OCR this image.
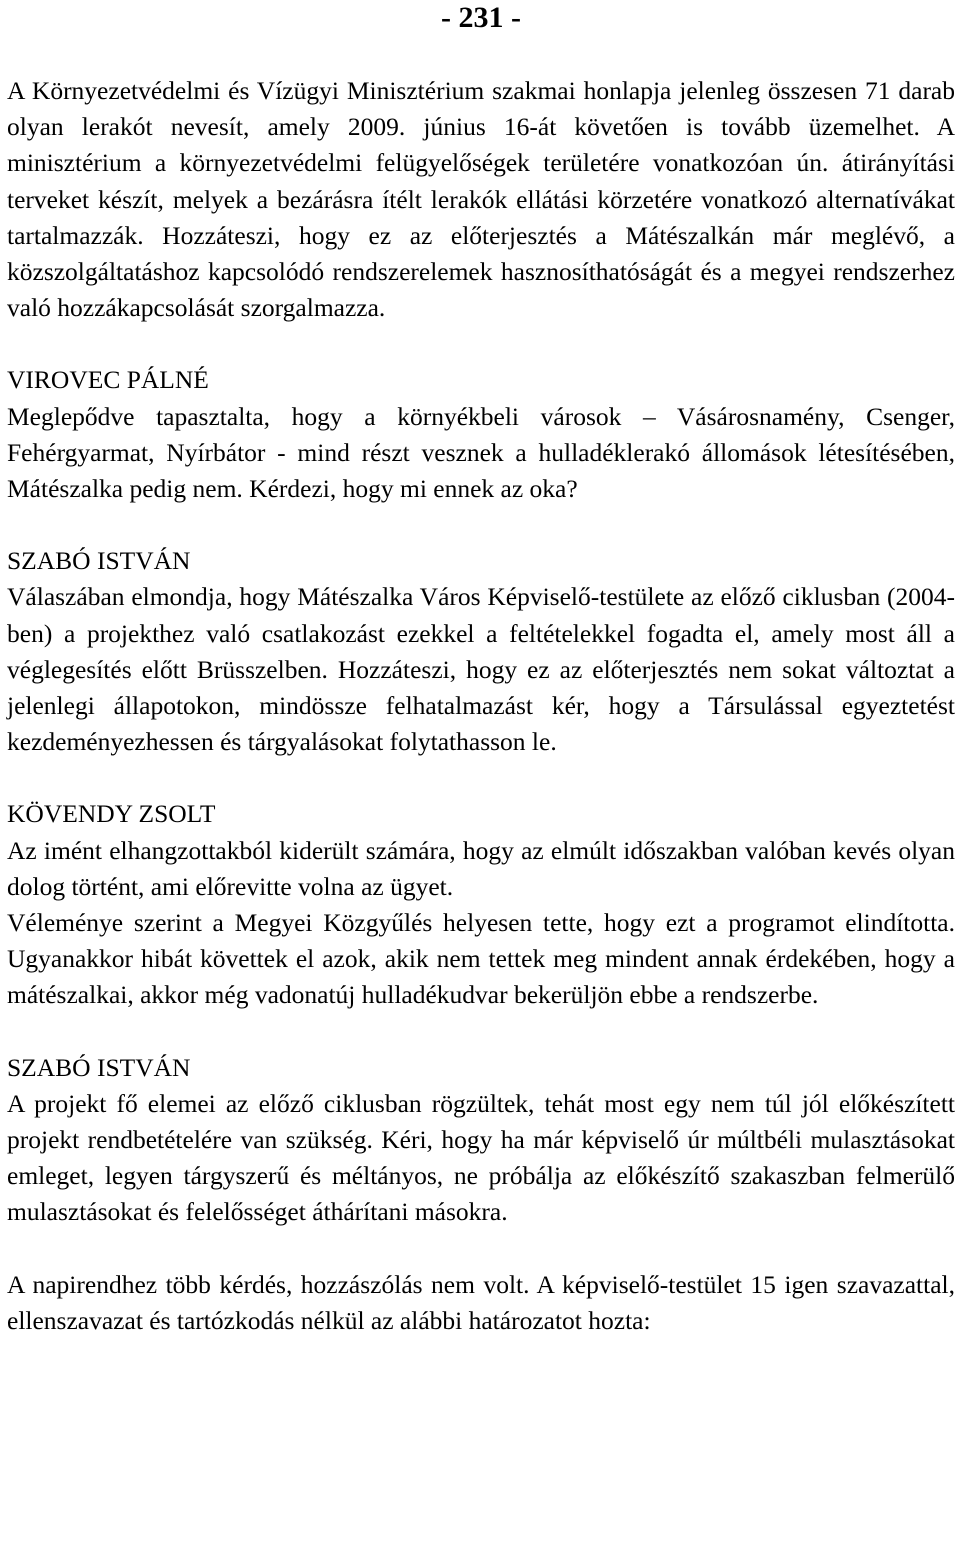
- 231 -

A Környezetvédelmi és Vízügyi Minisztérium szakmai honlapja jelenleg összesen 71 darab olyan lerakót nevesít, amely 2009. június 16-át követően is tovább üzemelhet. A minisztérium a környezetvédelmi felügyelőségek területére vonatkozóan ún. átirányítási terveket készít, melyek a bezárásra ítélt lerakók ellátási körzetére vonatkozó alternatívákat tartalmazzák. Hozzáteszi, hogy ez az előterjesztés a Mátészalkán már meglévő, a közszolgáltatáshoz kapcsolódó rendszerelemek hasznosíthatóságát és a megyei rendszerhez való hozzákapcsolását szorgalmazza.

VIROVEC PÁLNÉ

Meglepődve tapasztalta, hogy a környékbeli városok – Vásárosnamény, Csenger, Fehérgyarmat, Nyírbátor - mind részt vesznek a hulladéklerakó állomások létesítésében, Mátészalka pedig nem. Kérdezi, hogy mi ennek az oka?

SZABÓ ISTVÁN

Válaszában elmondja, hogy Mátészalka Város Képviselő-testülete az előző ciklusban (2004-ben) a projekthez való csatlakozást ezekkel a feltételekkel fogadta el, amely most áll a véglegesítés előtt Brüsszelben. Hozzáteszi, hogy ez az előterjesztés nem sokat változtat a jelenlegi állapotokon, mindössze felhatalmazást kér, hogy a Társulással egyeztetést kezdeményezhessen és tárgyalásokat folytathasson le.

KÖVENDY ZSOLT

Az imént elhangzottakból kiderült számára, hogy az elmúlt időszakban valóban kevés olyan dolog történt, ami előrevitte volna az ügyet.

Véleménye szerint a Megyei Közgyűlés helyesen tette, hogy ezt a programot elindította. Ugyanakkor hibát követtek el azok, akik nem tettek meg mindent annak érdekében, hogy a mátészalkai, akkor még vadonatúj hulladékudvar bekerüljön ebbe a rendszerbe.

SZABÓ ISTVÁN

A projekt fő elemei az előző ciklusban rögzültek, tehát most egy nem túl jól előkészített projekt rendbetételére van szükség. Kéri, hogy ha már képviselő úr múltbéli mulasztásokat emleget, legyen tárgyszerű és méltányos, ne próbálja az előkészítő szakaszban felmerülő mulasztásokat és felelősséget áthárítani másokra.

A napirendhez több kérdés, hozzászólás nem volt. A képviselő-testület 15 igen szavazattal, ellenszavazat és tartózkodás nélkül az alábbi határozatot hozta:
